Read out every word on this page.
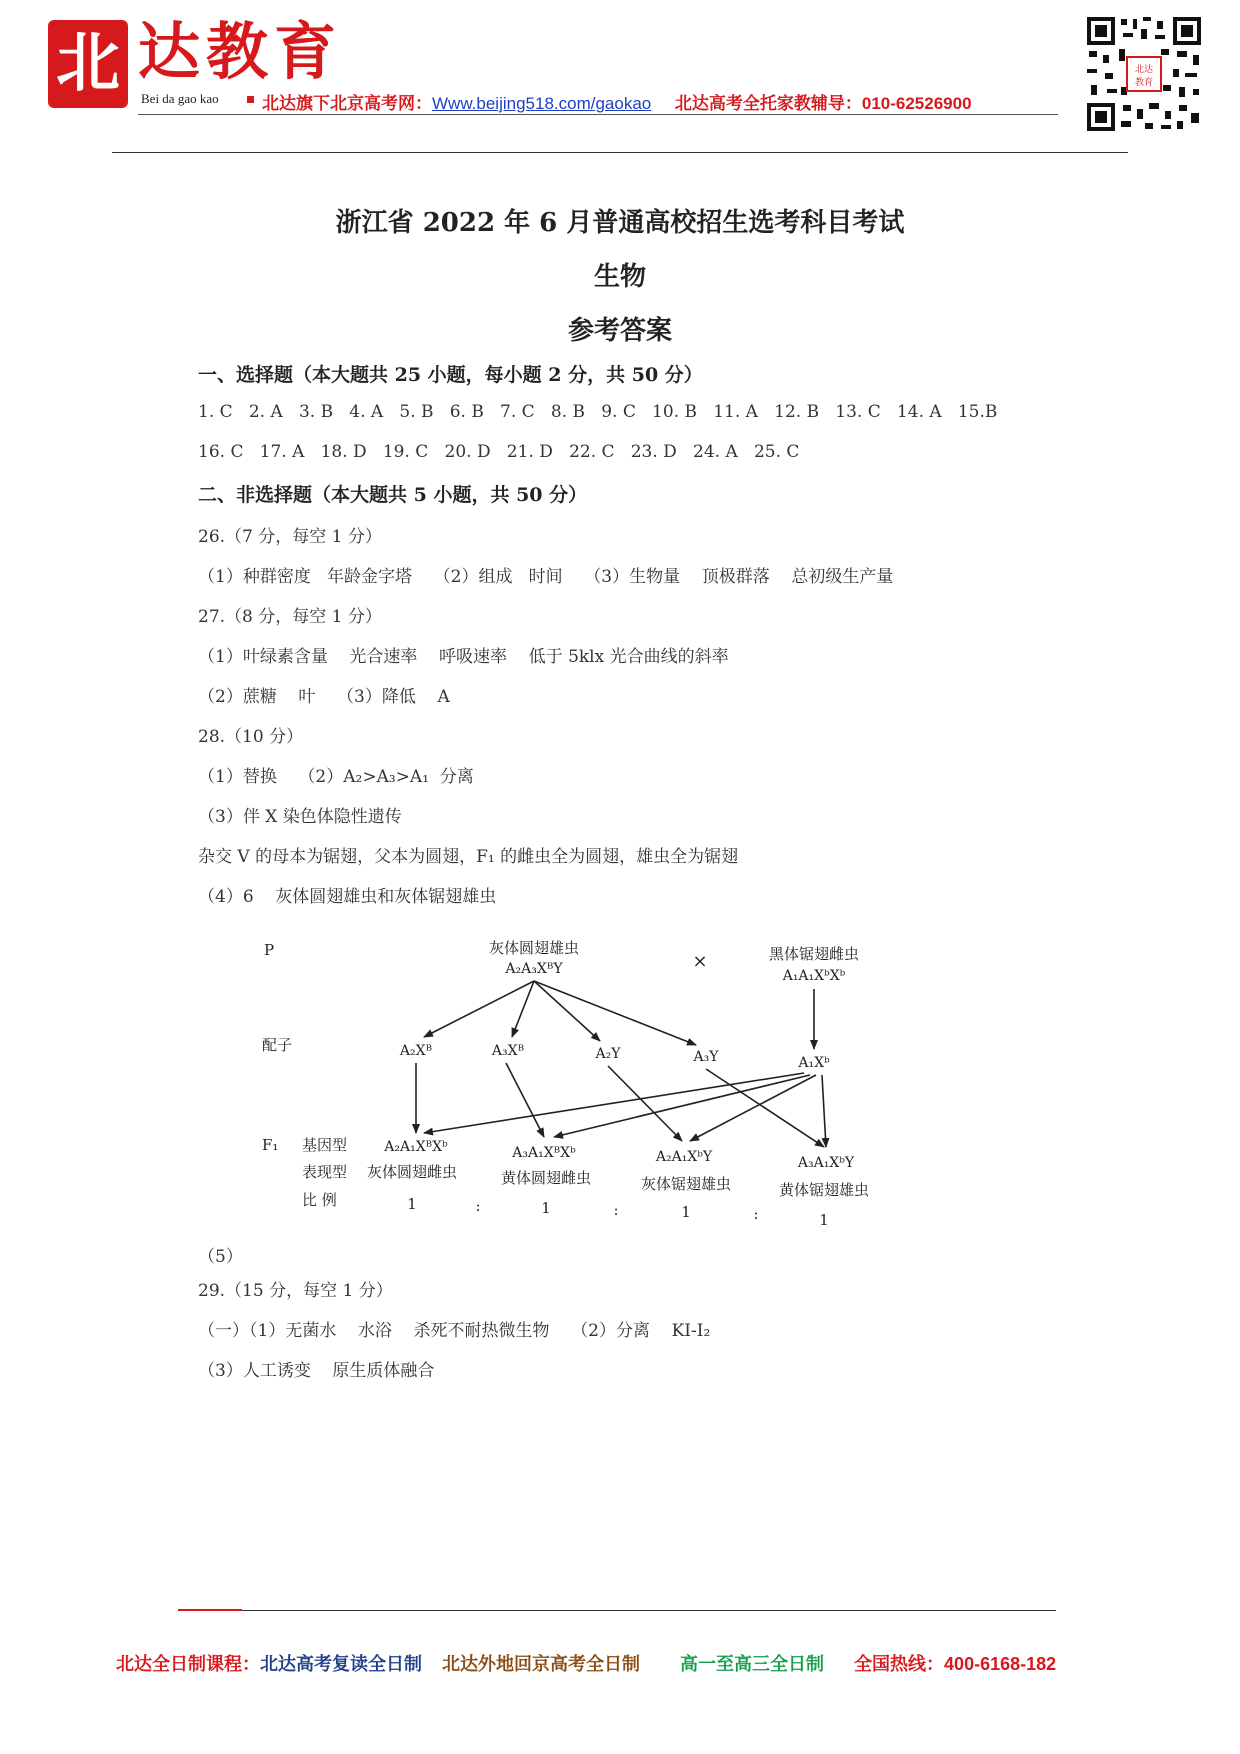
北 达教育
Bei da gao kao	北达旗下北京高考网：Www.beijing518.com/gaokao 北达高考全托家教辅导：010-62526900
北达
教育
浙江省 2022 年 6 月普通高校招生选考科目考试
生物
参考答案
一、选择题（本大题共 25 小题，每小题 2 分，共 50 分）
1. C   2. A   3. B   4. A   5. B   6. B   7. C   8. B   9. C   10. B   11. A   12. B   13. C   14. A   15.B
16. C   17. A   18. D   19. C   20. D   21. D   22. C   23. D   24. A   25. C
二、非选择题（本大题共 5 小题，共 50 分）
26.（7 分，每空 1 分）
（1）种群密度   年龄金字塔    （2）组成   时间    （3）生物量    顶极群落    总初级生产量
27.（8 分，每空 1 分）
（1）叶绿素含量    光合速率    呼吸速率    低于 5klx 光合曲线的斜率
（2）蔗糖    叶    （3）降低    A
28.（10 分）
（1）替换    （2）A₂>A₃>A₁  分离
（3）伴 X 染色体隐性遗传
杂交 V 的母本为锯翅，父本为圆翅，F₁ 的雌虫全为圆翅，雄虫全为锯翅
（4）6    灰体圆翅雄虫和灰体锯翅雄虫
（5）
29.（15 分，每空 1 分）
（一）（1）无菌水    水浴    杀死不耐热微生物    （2）分离    KI-I₂
（3）人工诱变    原生质体融合
P
配子
F₁ 基因型
表现型
比 例
灰体圆翅雄虫
A₂A₃XᴮY	×	黑体锯翅雌虫
A₁A₁XᵇXᵇ
A₂Xᴮ	A₃Xᴮ	A₂Y	A₃Y	A₁Xᵇ
A₂A₁XᴮXᵇ	A₃A₁XᴮXᵇ	A₂A₁XᵇY	A₃A₁XᵇY
灰体圆翅雌虫	黄体圆翅雌虫	灰体锯翅雄虫	黄体锯翅雄虫
1	:	1	:	1	:	1
北达全日制课程：北达高考复读全日制 北达外地回京高考全日制 高一至高三全日制 全国热线：400-6168-182
